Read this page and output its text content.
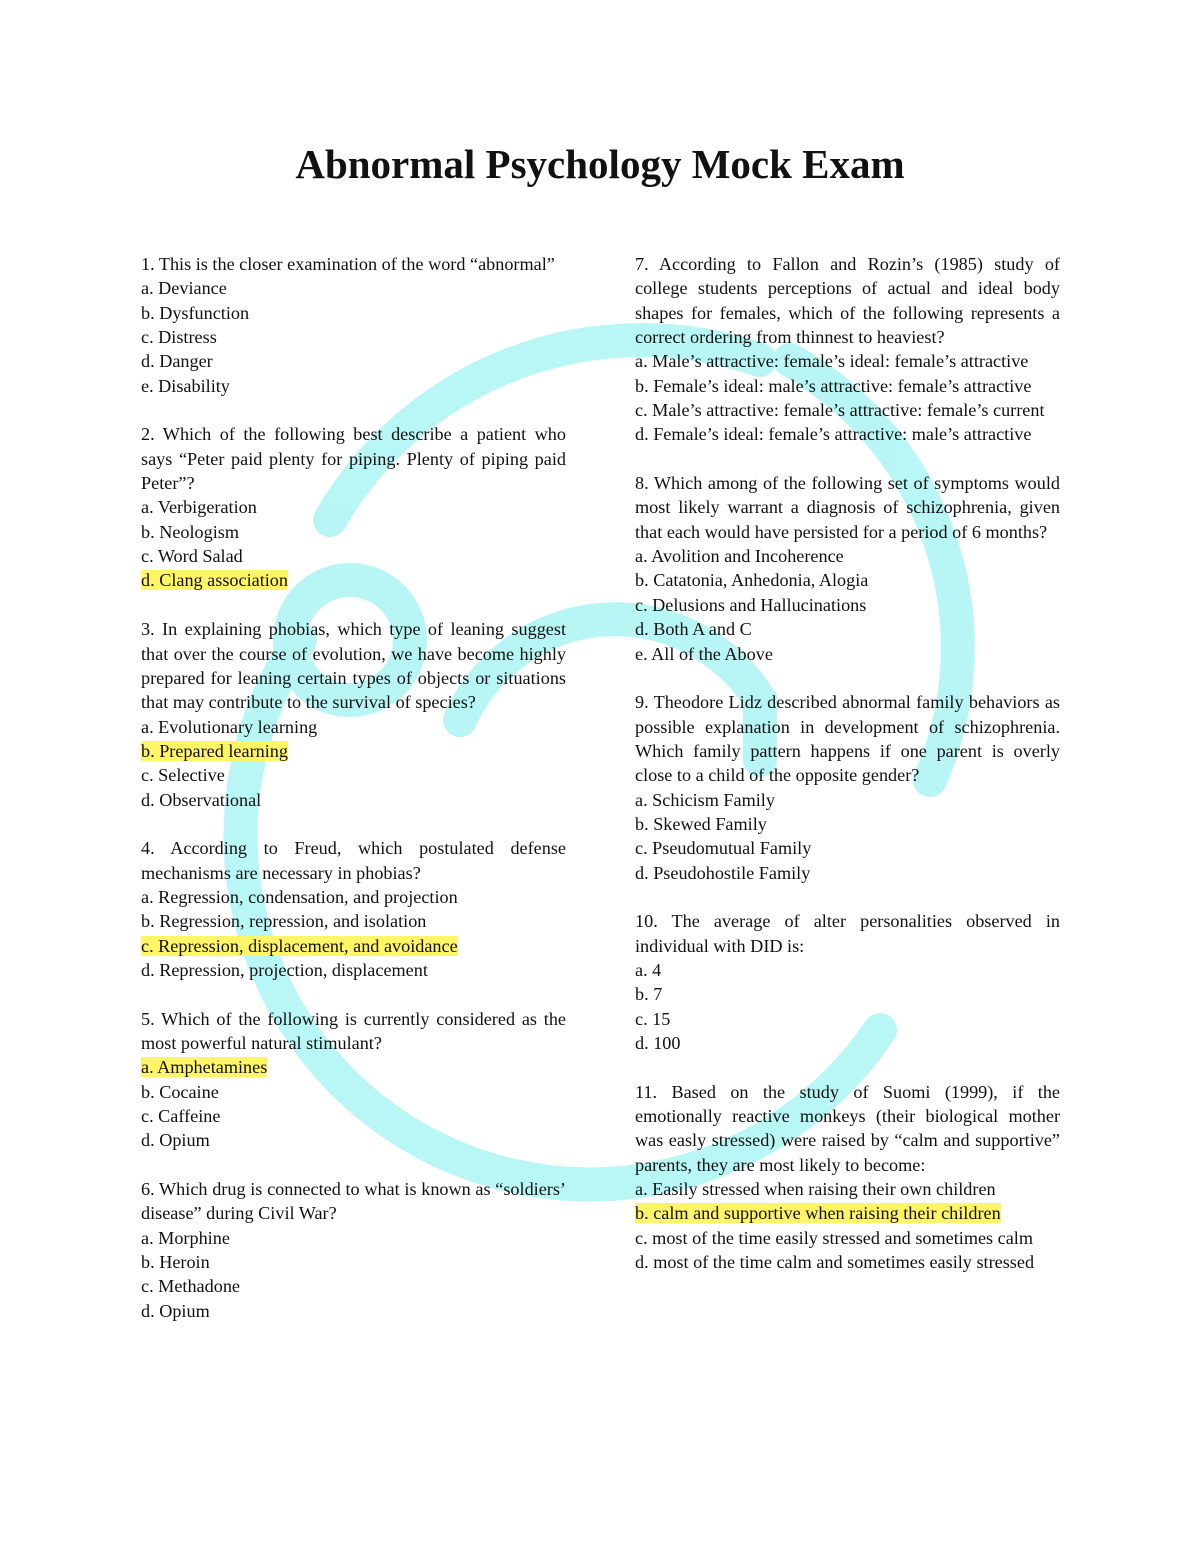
Abnormal Psychology Mock Exam
1. This is the closer examination of the word “abnormal”
a. Deviance
b. Dysfunction
c. Distress
d. Danger
e. Disability
2. Which of the following best describe a patient who says “Peter paid plenty for piping. Plenty of piping paid Peter”?
a. Verbigeration
b. Neologism
c. Word Salad
d. Clang association
3. In explaining phobias, which type of leaning suggest that over the course of evolution, we have become highly prepared for leaning certain types of objects or situations that may contribute to the survival of species?
a. Evolutionary learning
b. Prepared learning
c. Selective
d. Observational
4. According to Freud, which postulated defense mechanisms are necessary in phobias?
a. Regression, condensation, and projection
b. Regression, repression, and isolation
c. Repression, displacement, and avoidance
d. Repression, projection, displacement
5. Which of the following is currently considered as the most powerful natural stimulant?
a. Amphetamines
b. Cocaine
c. Caffeine
d. Opium
6. Which drug is connected to what is known as “soldiers’ disease” during Civil War?
a. Morphine
b. Heroin
c. Methadone
d. Opium
7. According to Fallon and Rozin’s (1985) study of college students perceptions of actual and ideal body shapes for females, which of the following represents a correct ordering from thinnest to heaviest?
a. Male’s attractive: female’s ideal: female’s attractive
b. Female’s ideal: male’s attractive: female’s attractive
c. Male’s attractive: female’s attractive: female’s current
d. Female’s ideal: female’s attractive: male’s attractive
8. Which among of the following set of symptoms would most likely warrant a diagnosis of schizophrenia, given that each would have persisted for a period of 6 months?
a. Avolition and Incoherence
b. Catatonia, Anhedonia, Alogia
c. Delusions and Hallucinations
d. Both A and C
e. All of the Above
9. Theodore Lidz described abnormal family behaviors as possible explanation in development of schizophrenia. Which family pattern happens if one parent is overly close to a child of the opposite gender?
a. Schicism Family
b. Skewed Family
c. Pseudomutual Family
d. Pseudohostile Family
10. The average of alter personalities observed in individual with DID is:
a. 4
b. 7
c. 15
d. 100
11. Based on the study of Suomi (1999), if the emotionally reactive monkeys (their biological mother was easly stressed) were raised by “calm and supportive” parents, they are most likely to become:
a. Easily stressed when raising their own children
b. calm and supportive when raising their children
c. most of the time easily stressed and sometimes calm
d. most of the time calm and sometimes easily stressed
